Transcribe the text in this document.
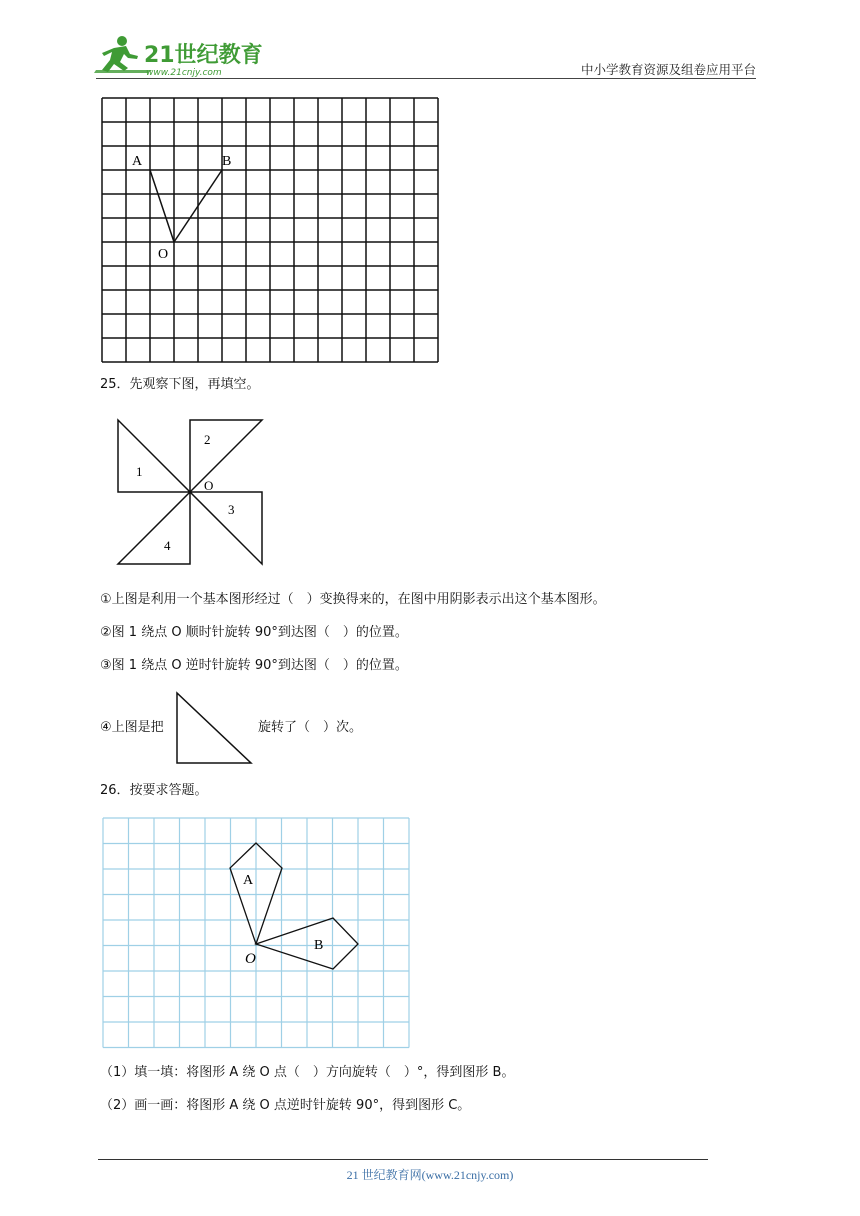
21世纪教育
www.21cnjy.com	中小学教育资源及组卷应用平台
A	B
O
25．先观察下图，再填空。
1
2
3
4
O
①上图是利用一个基本图形经过（　）变换得来的，在图中用阴影表示出这个基本图形。
②图 1 绕点 O 顺时针旋转 90°到达图（　）的位置。
③图 1 绕点 O 逆时针旋转 90°到达图（　）的位置。
④上图是把	旋转了（　）次。
26．按要求答题。
A
B
O
（1）填一填：将图形 A 绕 O 点（　）方向旋转（　）°，得到图形 B。
（2）画一画：将图形 A 绕 O 点逆时针旋转 90°，得到图形 C。
21 世纪教育网(www.21cnjy.com)
